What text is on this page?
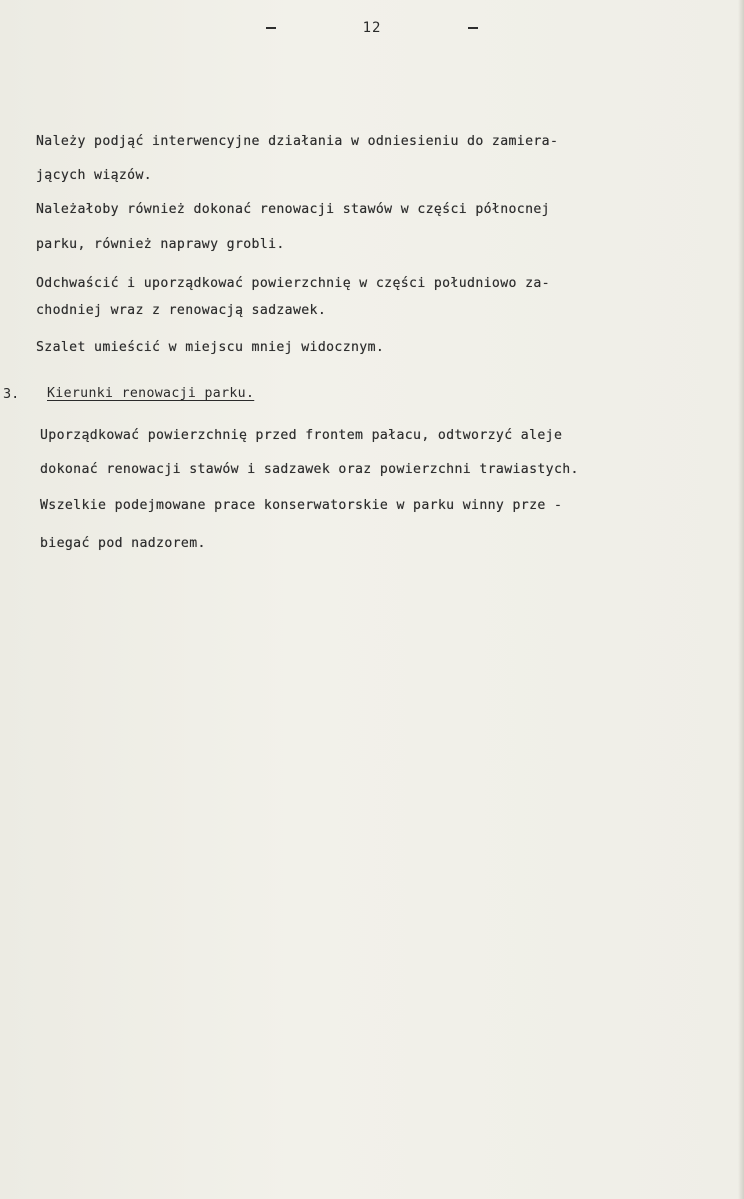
12
Należy podjąć interwencyjne działania w odniesieniu do zamiera-
jących wiązów.
Należałoby również dokonać renowacji stawów w części północnej
parku, również naprawy grobli.
Odchwaścić i uporządkować powierzchnię w części południowo za-
chodniej wraz z renowacją sadzawek.
Szalet umieścić w miejscu mniej widocznym.
3. Kierunki renowacji parku.
Uporządkować powierzchnię przed frontem pałacu, odtworzyć aleje
dokonać renowacji stawów i sadzawek oraz powierzchni trawiastych.
Wszelkie podejmowane prace konserwatorskie w parku winny prze -
biegać pod nadzorem.
